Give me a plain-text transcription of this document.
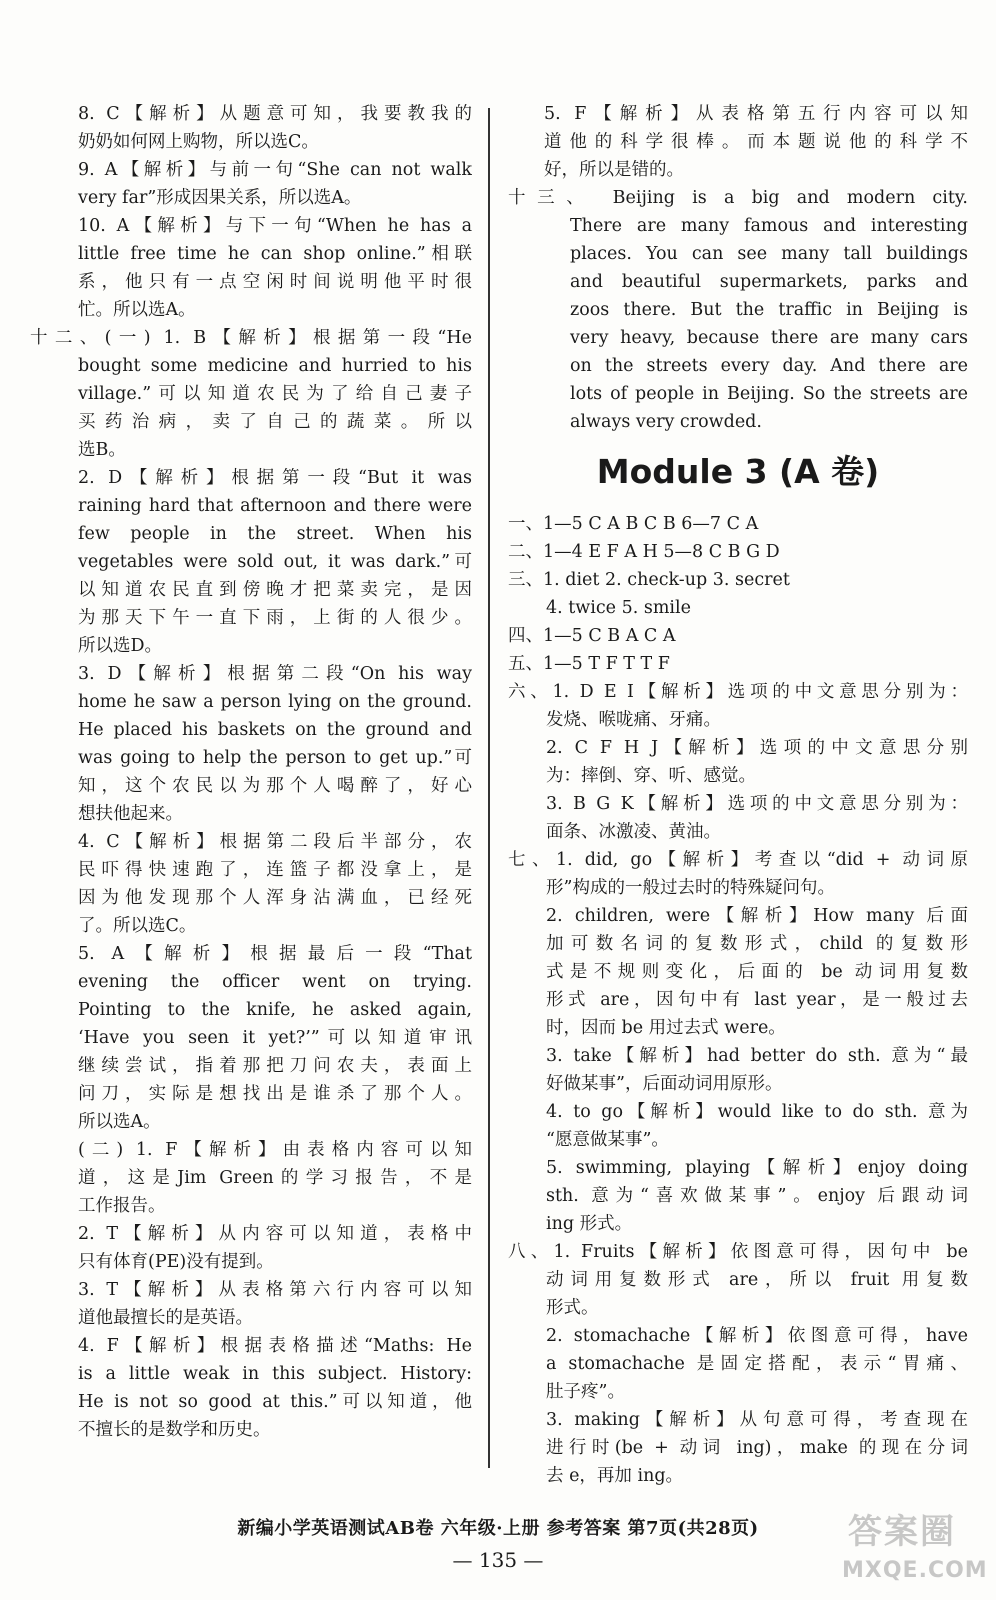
8. C【解析】从题意可知，我要教我的
奶奶如何网上购物，所以选C。
9. A【解析】与前一句“She can not walk
very far”形成因果关系，所以选A。
10. A【解析】与下一句“When he has a
little free time he can shop online.”相联
系，他只有一点空闲时间说明他平时很
忙。所以选A。
十二、(一) 1. B【解析】根据第一段“He
bought some medicine and hurried to his
village.”可以知道农民为了给自己妻子
买药治病，卖了自己的蔬菜。所以
选B。
2. D【解析】根据第一段“But it was
raining hard that afternoon and there were
few people in the street. When his
vegetables were sold out, it was dark.”可
以知道农民直到傍晚才把菜卖完，是因
为那天下午一直下雨，上街的人很少。
所以选D。
3. D【解析】根据第二段“On his way
home he saw a person lying on the ground.
He placed his baskets on the ground and
was going to help the person to get up.”可
知，这个农民以为那个人喝醉了，好心
想扶他起来。
4. C【解析】根据第二段后半部分，农
民吓得快速跑了，连篮子都没拿上，是
因为他发现那个人浑身沾满血，已经死
了。所以选C。
5. A【解析】根据最后一段“That
evening the officer went on trying.
Pointing to the knife, he asked again,
‘Have you seen it yet?’”可以知道审讯
继续尝试，指着那把刀问农夫，表面上
问刀，实际是想找出是谁杀了那个人。
所以选A。
(二) 1. F【解析】由表格内容可以知
道，这是Jim Green的学习报告，不是
工作报告。
2. T【解析】从内容可以知道，表格中
只有体育(PE)没有提到。
3. T【解析】从表格第六行内容可以知
道他最擅长的是英语。
4. F【解析】根据表格描述“Maths: He
is a little weak in this subject. History:
He is not so good at this.”可以知道，他
不擅长的是数学和历史。
5. F【解析】从表格第五行内容可以知
道他的科学很棒。而本题说他的科学不
好，所以是错的。
十三、 Beijing is a big and modern city.
There are many famous and interesting
places. You can see many tall buildings
and beautiful supermarkets, parks and
zoos there. But the traffic in Beijing is
very heavy, because there are many cars
on the streets every day. And there are
lots of people in Beijing. So the streets are
always very crowded.
Module 3 (A 卷)
一、1—5 C A B C B 6—7 C A
二、1—4 E F A H 5—8 C B G D
三、1. diet 2. check-up 3. secret
4. twice 5. smile
四、1—5 C B A C A
五、1—5 T F T T F
六、1. D E I【解析】选项的中文意思分别为：
发烧、喉咙痛、牙痛。
2. C F H J【解析】选项的中文意思分别
为：摔倒、穿、听、感觉。
3. B G K【解析】选项的中文意思分别为：
面条、冰激凌、黄油。
七、1. did, go【解析】考查以“did + 动词原
形”构成的一般过去时的特殊疑问句。
2. children, were【解析】How many 后面
加可数名词的复数形式，child 的复数形
式是不规则变化，后面的 be 动词用复数
形式 are，因句中有 last year，是一般过去
时，因而 be 用过去式 were。
3. take【解析】had better do sth. 意为“最
好做某事”，后面动词用原形。
4. to go【解析】would like to do sth. 意为
“愿意做某事”。
5. swimming, playing【解析】enjoy doing
sth. 意为“喜欢做某事”。enjoy 后跟动词
ing 形式。
八、1. Fruits【解析】依图意可得，因句中 be
动词用复数形式 are，所以 fruit 用复数
形式。
2. stomachache【解析】依图意可得，have
a stomachache 是固定搭配，表示“胃痛、
肚子疼”。
3. making【解析】从句意可得，考查现在
进行时(be + 动词 ing)，make 的现在分词
去 e，再加 ing。
新编小学英语测试AB卷 六年级·上册 参考答案 第7页(共28页)
— 135 —
答案圈
MXQE.COM
